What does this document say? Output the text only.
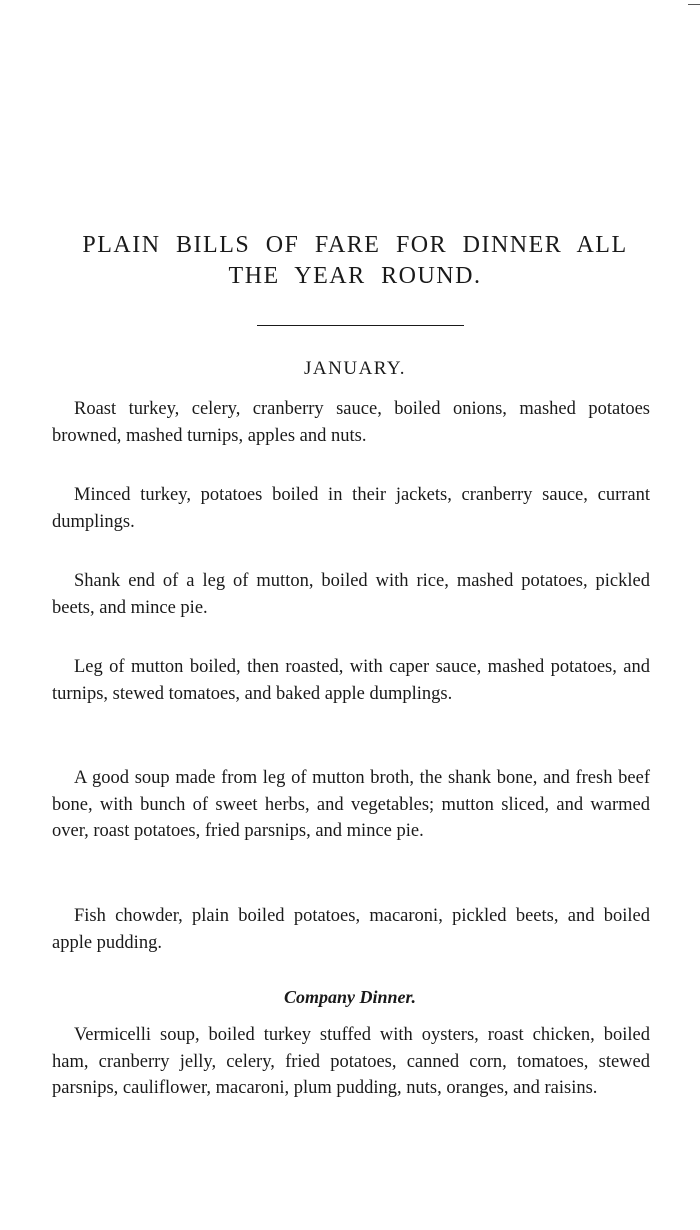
PLAIN BILLS OF FARE FOR DINNER ALL
THE YEAR ROUND.
JANUARY.

Roast turkey, celery, cranberry sauce, boiled onions, mashed potatoes browned, mashed turnips, apples and nuts.

Minced turkey, potatoes boiled in their jackets, cranberry sauce, currant dumplings.

Shank end of a leg of mutton, boiled with rice, mashed potatoes, pickled beets, and mince pie.

Leg of mutton boiled, then roasted, with caper sauce, mashed potatoes, and turnips, stewed tomatoes, and baked apple dumplings.

A good soup made from leg of mutton broth, the shank bone, and fresh beef bone, with bunch of sweet herbs, and vegetables; mutton sliced, and warmed over, roast potatoes, fried parsnips, and mince pie.

Fish chowder, plain boiled potatoes, macaroni, pickled beets, and boiled apple pudding.

Company Dinner.

Vermicelli soup, boiled turkey stuffed with oysters, roast chicken, boiled ham, cranberry jelly, celery, fried potatoes, canned corn, tomatoes, stewed parsnips, cauliflower, macaroni, plum pudding, nuts, oranges, and raisins.
